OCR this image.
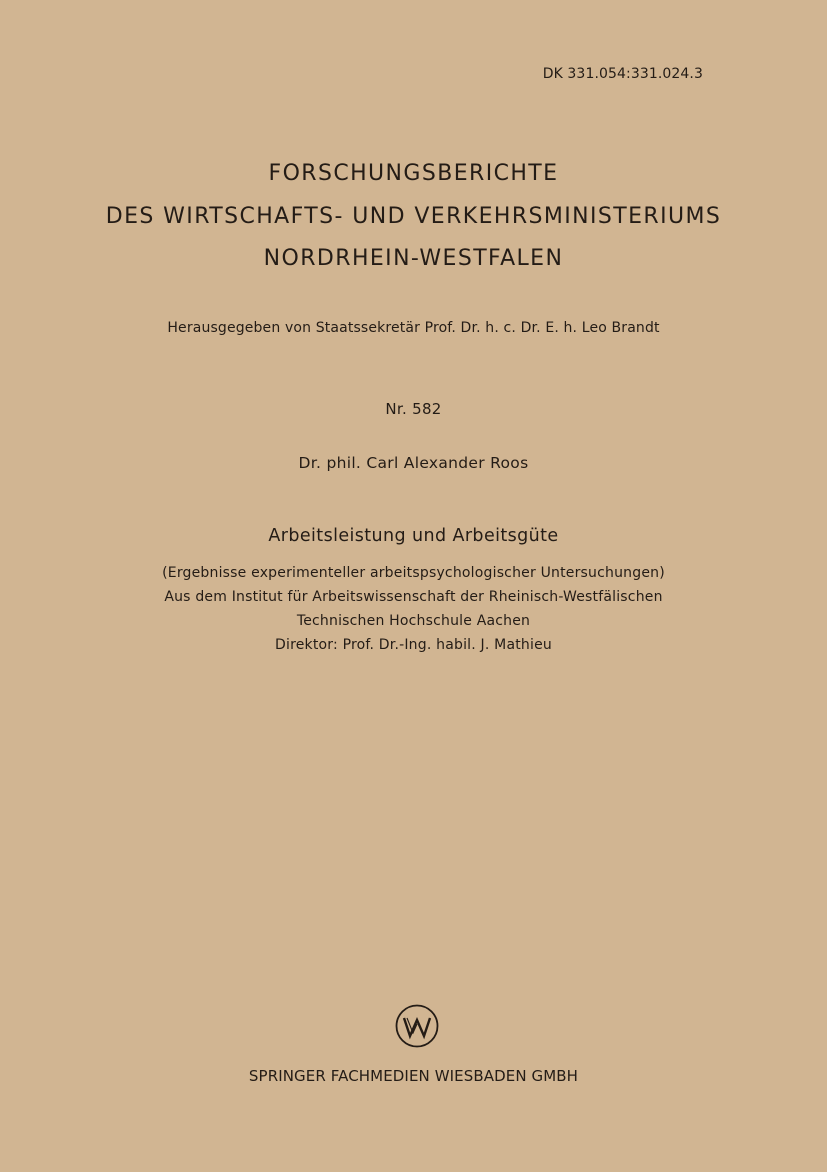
DK 331.054:331.024.3
FORSCHUNGSBERICHTE
DES WIRTSCHAFTS- UND VERKEHRSMINISTERIUMS
NORDRHEIN-WESTFALEN
Herausgegeben von Staatssekretär Prof. Dr. h. c. Dr. E. h. Leo Brandt
Nr. 582
Dr. phil. Carl Alexander Roos
Arbeitsleistung und Arbeitsgüte
(Ergebnisse experimenteller arbeitspsychologischer Untersuchungen)
Aus dem Institut für Arbeitswissenschaft der Rheinisch-Westfälischen
Technischen Hochschule Aachen
Direktor: Prof. Dr.-Ing. habil. J. Mathieu
SPRINGER FACHMEDIEN WIESBADEN GMBH
